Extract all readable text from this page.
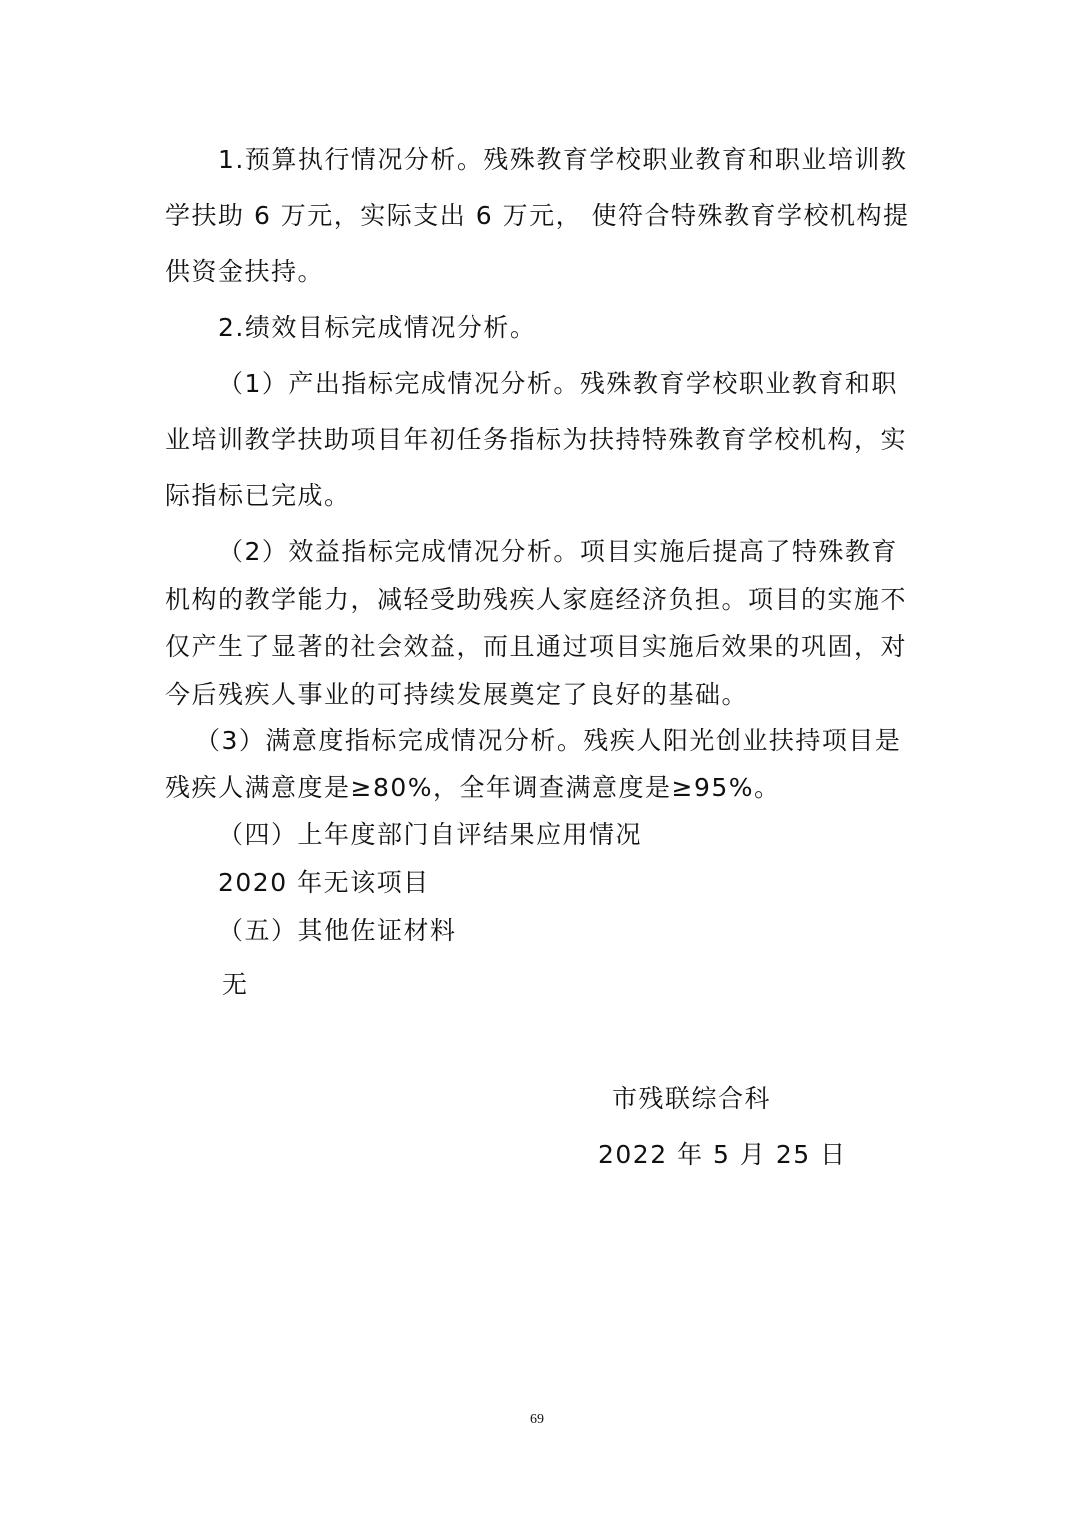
1.预算执行情况分析。残殊教育学校职业教育和职业培训教

学扶助 6 万元，实际支出 6 万元， 使符合特殊教育学校机构提

供资金扶持。

2.绩效目标完成情况分析。

（1）产出指标完成情况分析。残殊教育学校职业教育和职

业培训教学扶助项目年初任务指标为扶持特殊教育学校机构，实

际指标已完成。

（2）效益指标完成情况分析。项目实施后提高了特殊教育

机构的教学能力，减轻受助残疾人家庭经济负担。项目的实施不

仅产生了显著的社会效益，而且通过项目实施后效果的巩固，对

今后残疾人事业的可持续发展奠定了良好的基础。

（3）满意度指标完成情况分析。残疾人阳光创业扶持项目是

残疾人满意度是≥80%，全年调查满意度是≥95%。

（四）上年度部门自评结果应用情况

2020 年无该项目

（五）其他佐证材料

无

市残联综合科

2022 年 5 月 25 日

69
